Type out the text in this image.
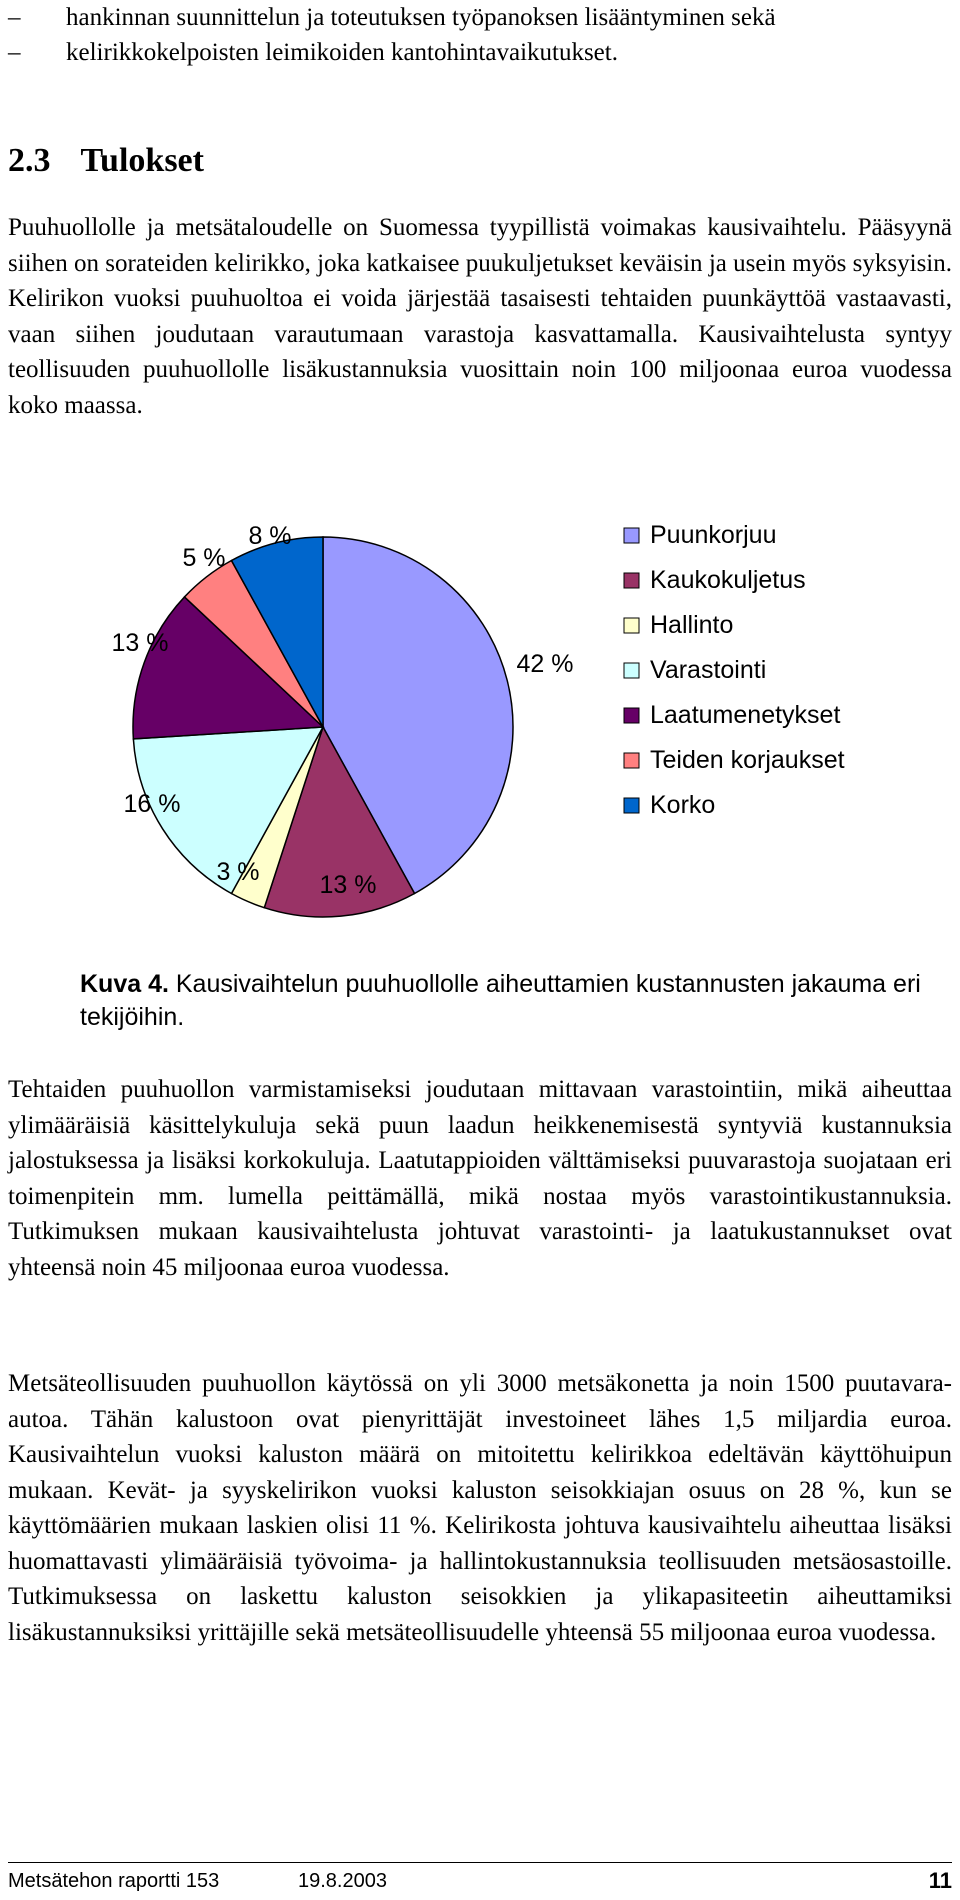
–	hankinnan suunnittelun ja toteutuksen työpanoksen lisääntyminen sekä
–	kelirikkokelpoisten leimikoiden kantohintavaikutukset.
2.3 Tulokset

Puuhuollolle ja metsätaloudelle on Suomessa tyypillistä voimakas kausivaihtelu. Pääsyynä siihen on sorateiden kelirikko, joka katkaisee puukuljetukset keväisin ja usein myös syksyisin. Kelirikon vuoksi puuhuoltoa ei voida järjestää tasaisesti tehtaiden puunkäyttöä vastaavasti, vaan siihen joudutaan varautumaan varastoja kasvattamalla. Kausivaihtelusta syntyy teollisuuden puuhuollolle lisäkustannuksia vuosittain noin 100 miljoonaa euroa vuodessa koko maassa.

42 %
13 %
3 %
16 %
13 %
5 %
8 %	Puunkorjuu
Kaukokuljetus
Hallinto
Varastointi
Laatumenetykset
Teiden korjaukset
Korko
Kuva 4. Kausivaihtelun puuhuollolle aiheuttamien kustannusten jakauma eri tekijöihin.

Tehtaiden puuhuollon varmistamiseksi joudutaan mittavaan varastointiin, mikä aiheuttaa ylimääräisiä käsittelykuluja sekä puun laadun heikkenemisestä syntyviä kustannuksia jalostuksessa ja lisäksi korkokuluja. Laatutappioiden välttämiseksi puuvarastoja suojataan eri toimenpitein mm. lumella peittämällä, mikä nostaa myös varastointikustannuksia. Tutkimuksen mukaan kausivaihtelusta johtuvat varastointi- ja laatukustannukset ovat yhteensä noin 45 miljoonaa euroa vuodessa.

Metsäteollisuuden puuhuollon käytössä on yli 3000 metsäkonetta ja noin 1500 puutavara-autoa. Tähän kalustoon ovat pienyrittäjät investoineet lähes 1,5 miljardia euroa. Kausivaihtelun vuoksi kaluston määrä on mitoitettu kelirikkoa edeltävän käyttöhuipun mukaan. Kevät- ja syyskelirikon vuoksi kaluston seisokkiajan osuus on 28 %, kun se käyttömäärien mukaan laskien olisi 11 %. Kelirikosta johtuva kausivaihtelu aiheuttaa lisäksi huomattavasti ylimääräisiä työvoima- ja hallintokustannuksia teollisuuden metsäosastoille. Tutkimuksessa on laskettu kaluston seisokkien ja ylikapasiteetin aiheuttamiksi lisäkustannuksiksi yrittäjille sekä metsäteollisuudelle yhteensä 55 miljoonaa euroa vuodessa.

Metsätehon raportti 153	19.8.2003	11
